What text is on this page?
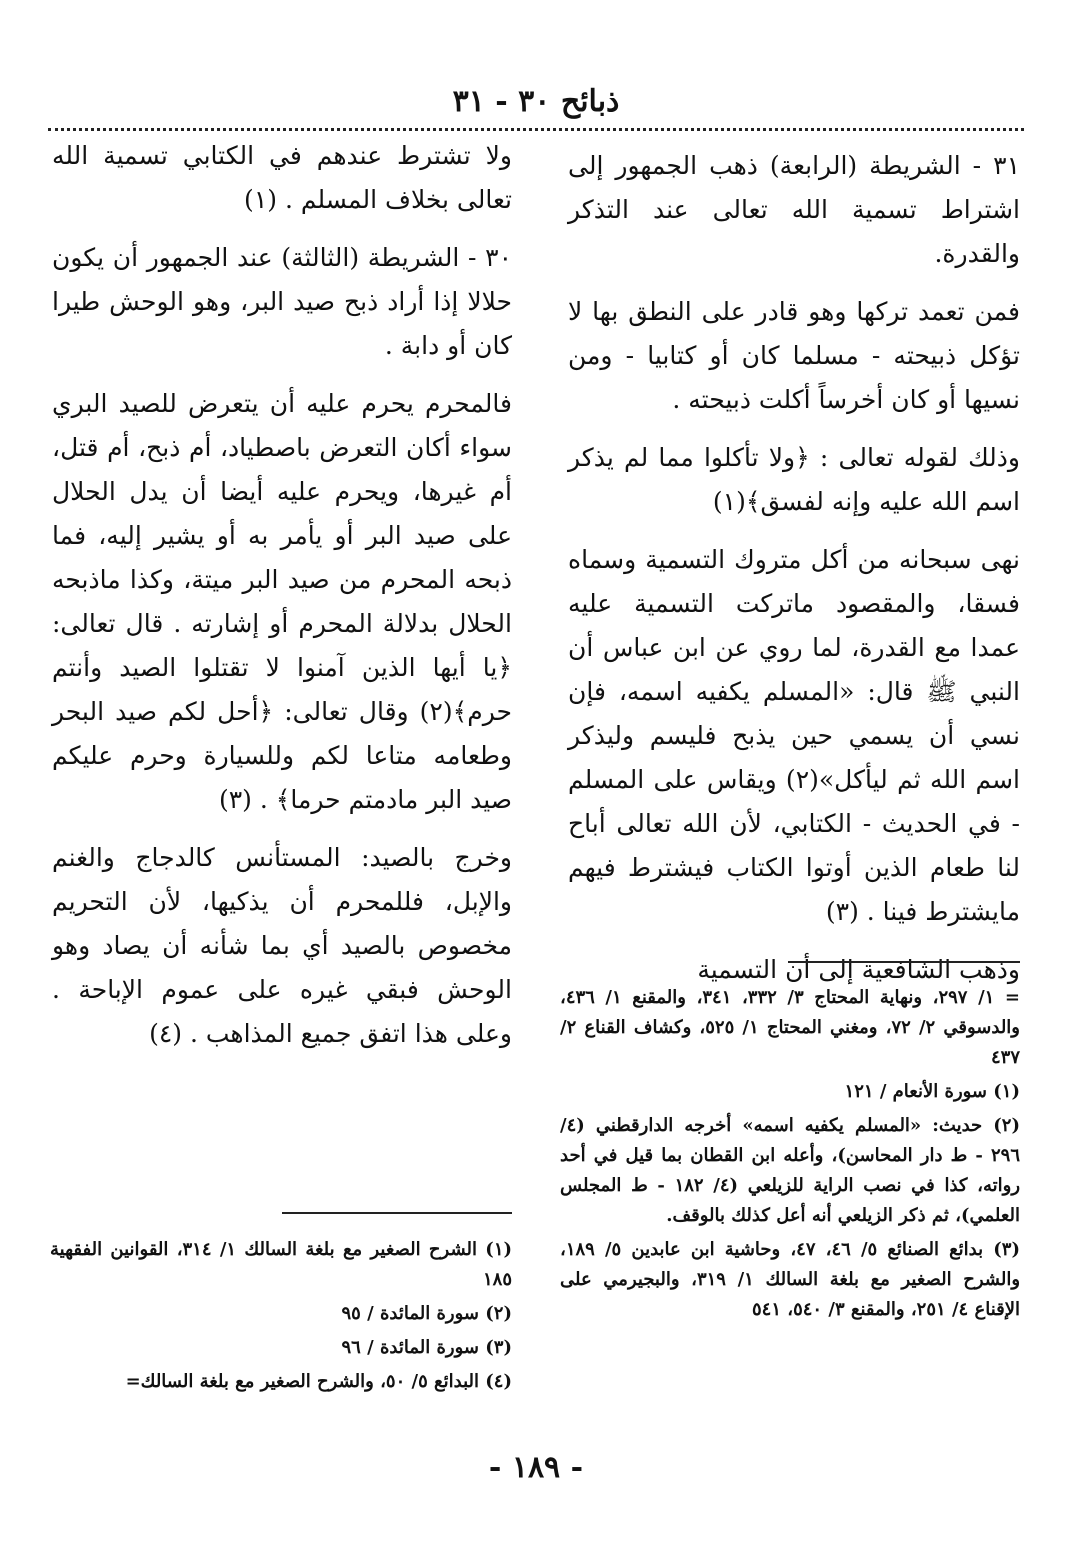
ذبائح ٣٠ - ٣١

٣١ - الشريطة (الرابعة) ذهب الجمهور إلى اشتراط تسمية الله تعالى عند التذكر والقدرة.

فمن تعمد تركها وهو قادر على النطق بها لا تؤكل ذبيحته - مسلما كان أو كتابيا - ومن نسيها أو كان أخرساً أكلت ذبيحته .

وذلك لقوله تعالى : ﴿ولا تأكلوا مما لم يذكر اسم الله عليه وإنه لفسق﴾(١)

نهى سبحانه من أكل متروك التسمية وسماه فسقا، والمقصود ماتركت التسمية عليه عمدا مع القدرة، لما روي عن ابن عباس أن النبي ﷺ قال: «المسلم يكفيه اسمه، فإن نسي أن يسمي حين يذبح فليسم وليذكر اسم الله ثم ليأكل»(٢) ويقاس على المسلم - في الحديث - الكتابي، لأن الله تعالى أباح لنا طعام الذين أوتوا الكتاب فيشترط فيهم مايشترط فينا . (٣)

وذهب الشافعية إلى أن التسمية

ولا تشترط عندهم في الكتابي تسمية الله تعالى بخلاف المسلم . (١)

٣٠ - الشريطة (الثالثة) عند الجمهور أن يكون حلالا إذا أراد ذبح صيد البر، وهو الوحش طيرا كان أو دابة .

فالمحرم يحرم عليه أن يتعرض للصيد البري سواء أكان التعرض باصطياد، أم ذبح، أم قتل، أم غيرها، ويحرم عليه أيضا أن يدل الحلال على صيد البر أو يأمر به أو يشير إليه، فما ذبحه المحرم من صيد البر ميتة، وكذا ماذبحه الحلال بدلالة المحرم أو إشارته . قال تعالى: ﴿يا أيها الذين آمنوا لا تقتلوا الصيد وأنتم حرم﴾(٢) وقال تعالى: ﴿أحل لكم صيد البحر وطعامه متاعا لكم وللسيارة وحرم عليكم صيد البر مادمتم حرما﴾ . (٣)

وخرج بالصيد: المستأنس كالدجاج والغنم والإبل، فللمحرم أن يذكيها، لأن التحريم مخصوص بالصيد أي بما شأنه أن يصاد وهو الوحش فبقي غيره على عموم الإباحة . وعلى هذا اتفق جميع المذاهب . (٤)

= ١/ ٢٩٧، ونهاية المحتاج ٣/ ٣٣٢، ٣٤١، والمقنع ١/ ٤٣٦، والدسوقي ٢/ ٧٢، ومغني المحتاج ١/ ٥٢٥، وكشاف القناع ٢/ ٤٣٧

(١) سورة الأنعام / ١٢١

(٢) حديث: «المسلم يكفيه اسمه» أخرجه الدارقطني (٤/ ٢٩٦ - ط دار المحاسن)، وأعله ابن القطان بما قيل في أحد رواته، كذا في نصب الراية للزيلعي (٤/ ١٨٢ - ط المجلس العلمي)، ثم ذكر الزيلعي أنه أعل كذلك بالوقف.

(٣) بدائع الصنائع ٥/ ٤٦، ٤٧، وحاشية ابن عابدين ٥/ ١٨٩، والشرح الصغير مع بلغة السالك ١/ ٣١٩، والبجيرمي على الإقناع ٤/ ٢٥١، والمقنع ٣/ ٥٤٠، ٥٤١

(١) الشرح الصغير مع بلغة السالك ١/ ٣١٤، القوانين الفقهية ١٨٥

(٢) سورة المائدة / ٩٥

(٣) سورة المائدة / ٩٦

(٤) البدائع ٥/ ٥٠، والشرح الصغير مع بلغة السالك=

- ١٨٩ -
